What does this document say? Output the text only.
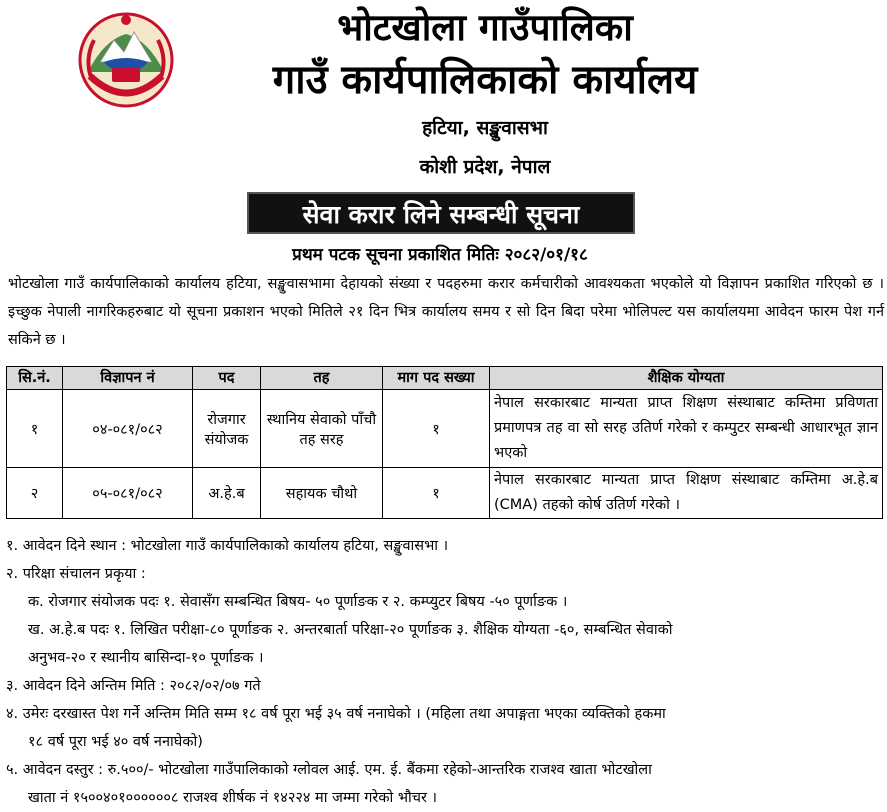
भोटखोला गाउँपालिका
गाउँ कार्यपालिकाको कार्यालय
हटिया, सङ्खुवासभा
कोशी प्रदेश, नेपाल
सेवा करार लिने सम्बन्धी सूचना
प्रथम पटक सूचना प्रकाशित मितिः २०८२/०१/१८
भोटखोला गाउँ कार्यपालिकाको कार्यालय हटिया, सङ्खुवासभामा देहायको संख्या र पदहरुमा करार कर्मचारीको आवश्यकता भएकोले यो विज्ञापन प्रकाशित गरिएको छ । इच्छुक नेपाली नागरिकहरुबाट यो सूचना प्रकाशन भएको मितिले २१ दिन भित्र कार्यालय समय र सो दिन बिदा परेमा भोलिपल्ट यस कार्यालयमा आवेदन फारम पेश गर्न सकिने छ ।
सि.नं.	विज्ञापन नं	पद	तह	माग पद सख्या	शैक्षिक योग्यता
१	०४-०८१/०८२	रोजगार संयोजक	स्थानिय सेवाको पाँचौ तह सरह	१	नेपाल सरकारबाट मान्यता प्राप्त शिक्षण संस्थाबाट कम्तिमा प्रविणता प्रमाणपत्र तह वा सो सरह उतिर्ण गरेको र कम्पुटर सम्बन्धी आधारभूत ज्ञान भएको
२	०५-०८१/०८२	अ.हे.ब	सहायक चौथो	१	नेपाल सरकारबाट मान्यता प्राप्त शिक्षण संस्थाबाट कम्तिमा अ.हे.ब (CMA) तहको कोर्ष उतिर्ण गरेको ।
१. आवेदन दिने स्थान : भोटखोला गाउँ कार्यपालिकाको कार्यालय हटिया, सङ्खुवासभा ।
२. परिक्षा संचालन प्रकृया :
क. रोजगार संयोजक पदः १. सेवासँग सम्बन्धित बिषय- ५० पूर्णाङक र २. कम्प्युटर बिषय -५० पूर्णाङक ।
ख. अ.हे.ब पदः १. लिखित परीक्षा-८० पूर्णाङक २. अन्तरबार्ता परिक्षा-२० पूर्णाङक ३. शैक्षिक योग्यता -६०, सम्बन्धित सेवाको
अनुभव-२० र स्थानीय बासिन्दा-१० पूर्णाङक ।
३. आवेदन दिने अन्तिम मिति : २०८२/०२/०७ गते
४. उमेरः दरखास्त पेश गर्ने अन्तिम मिति सम्म १८ वर्ष पूरा भई ३५ वर्ष ननाघेको । (महिला तथा अपाङ्गता भएका व्यक्तिको हकमा
१८ वर्ष पूरा भई ४० वर्ष ननाघेको)
५. आवेदन दस्तुर : रु.५००/- भोटखोला गाउँपालिकाको ग्लोवल आई. एम. ई. बैंकमा रहेको-आन्तरिक राजश्व खाता भोटखोला
खाता नं १५००४०१००००००८ राजश्व शीर्षक नं १४२२४ मा जम्मा गरेको भौचर ।
